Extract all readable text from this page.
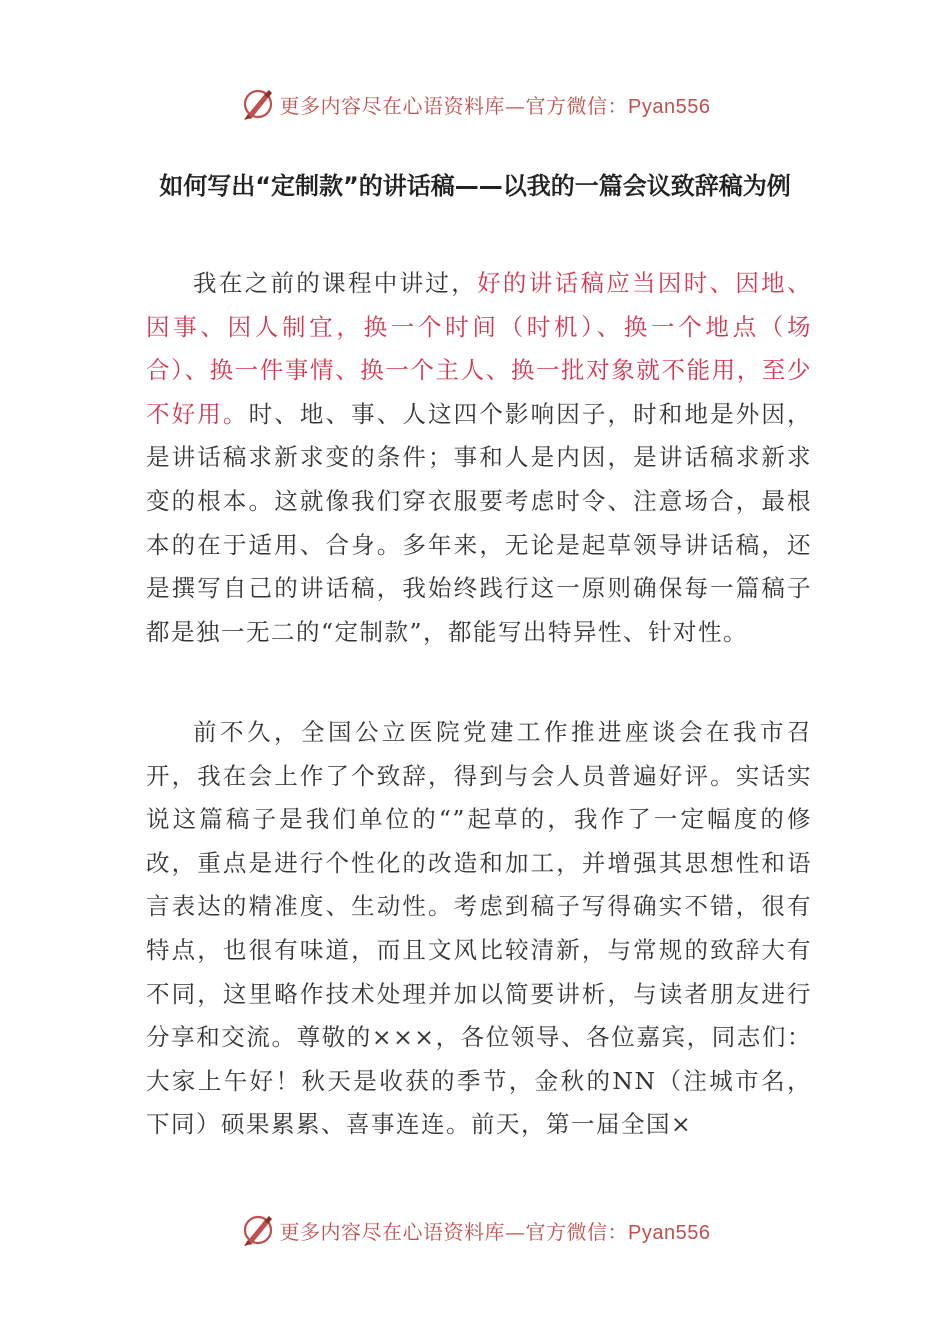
更多内容尽在心语资料库—官方微信：Pyan556
如何写出“定制款”的讲话稿——以我的一篇会议致辞稿为例

我在之前的课程中讲过，好的讲话稿应当因时、因地、因事、因人制宜，换一个时间（时机）、换一个地点（场合）、换一件事情、换一个主人、换一批对象就不能用，至少不好用。时、地、事、人这四个影响因子，时和地是外因，是讲话稿求新求变的条件；事和人是内因，是讲话稿求新求变的根本。这就像我们穿衣服要考虑时令、注意场合，最根本的在于适用、合身。多年来，无论是起草领导讲话稿，还是撰写自己的讲话稿，我始终践行这一原则确保每一篇稿子都是独一无二的“定制款”，都能写出特异性、针对性。

前不久，全国公立医院党建工作推进座谈会在我市召开，我在会上作了个致辞，得到与会人员普遍好评。实话实说这篇稿子是我们单位的“”起草的，我作了一定幅度的修改，重点是进行个性化的改造和加工，并增强其思想性和语言表达的精准度、生动性。考虑到稿子写得确实不错，很有特点，也很有味道，而且文风比较清新，与常规的致辞大有不同，这里略作技术处理并加以简要讲析，与读者朋友进行分享和交流。尊敬的×××，各位领导、各位嘉宾，同志们：大家上午好！秋天是收获的季节，金秋的NN（注城市名，下同）硕果累累、喜事连连。前天，第一届全国×

更多内容尽在心语资料库—官方微信：Pyan556
